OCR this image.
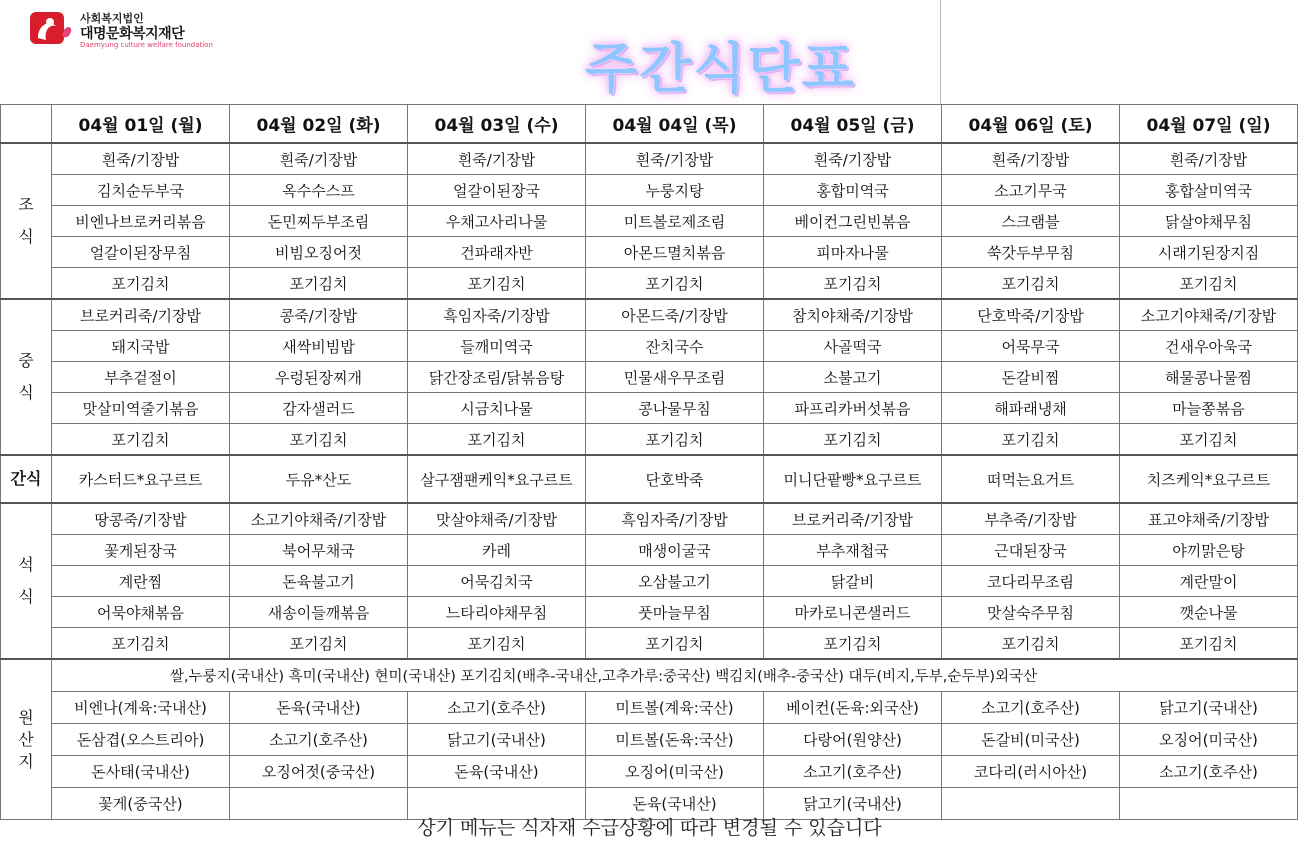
사회복지법인
대명문화복지재단
Daemyung culture welfare foundation	주간식단표
	04월 01일 (월)	04월 02일 (화)	04월 03일 (수)	04월 04일 (목)	04월 05일 (금)	04월 06일 (토)	04월 07일 (일)
조

식	흰죽/기장밥	흰죽/기장밥	흰죽/기장밥	흰죽/기장밥	흰죽/기장밥	흰죽/기장밥	흰죽/기장밥
	김치순두부국	옥수수스프	얼갈이된장국	누룽지탕	홍합미역국	소고기무국	홍합살미역국
	비엔나브로커리볶음	돈민찌두부조림	우채고사리나물	미트볼로제조림	베이컨그린빈볶음	스크램블	닭살야채무침
	얼갈이된장무침	비빔오징어젓	건파래자반	아몬드멸치볶음	피마자나물	쑥갓두부무침	시래기된장지짐
	포기김치	포기김치	포기김치	포기김치	포기김치	포기김치	포기김치
중

식	브로커리죽/기장밥	콩죽/기장밥	흑임자죽/기장밥	아몬드죽/기장밥	참치야채죽/기장밥	단호박죽/기장밥	소고기야채죽/기장밥
	돼지국밥	새싹비빔밥	들깨미역국	잔치국수	사골떡국	어묵무국	건새우아욱국
	부추겉절이	우렁된장찌개	닭간장조림/닭볶음탕	민물새우무조림	소불고기	돈갈비찜	해물콩나물찜
	맛살미역줄기볶음	감자샐러드	시금치나물	콩나물무침	파프리카버섯볶음	해파래냉채	마늘쫑볶음
	포기김치	포기김치	포기김치	포기김치	포기김치	포기김치	포기김치
간식	카스터드*요구르트	두유*산도	살구잼팬케익*요구르트	단호박죽	미니단팥빵*요구르트	떠먹는요거트	치즈케익*요구르트
석

식	땅콩죽/기장밥	소고기야채죽/기장밥	맛살야채죽/기장밥	흑임자죽/기장밥	브로커리죽/기장밥	부추죽/기장밥	표고야채죽/기장밥
	꽃게된장국	북어무채국	카레	매생이굴국	부추재첩국	근대된장국	야끼맑은탕
	계란찜	돈육불고기	어묵김치국	오삼불고기	닭갈비	코다리무조림	계란말이
	어묵야채볶음	새송이들깨볶음	느타리야채무침	풋마늘무침	마카로니콘샐러드	맛살숙주무침	깻순나물
	포기김치	포기김치	포기김치	포기김치	포기김치	포기김치	포기김치
원
산
지	쌀,누룽지(국내산) 흑미(국내산) 현미(국내산) 포기김치(배추-국내산,고추가루:중국산) 백김치(배추-중국산) 대두(비지,두부,순두부)외국산						
	비엔나(계육:국내산)	돈육(국내산)	소고기(호주산)	미트볼(계육:국산)	베이컨(돈육:외국산)	소고기(호주산)	닭고기(국내산)
	돈삼겹(오스트리아)	소고기(호주산)	닭고기(국내산)	미트볼(돈육:국산)	다랑어(원양산)	돈갈비(미국산)	오징어(미국산)
	돈사태(국내산)	오징어젓(중국산)	돈육(국내산)	오징어(미국산)	소고기(호주산)	코다리(러시아산)	소고기(호주산)
	꽃게(중국산)			돈육(국내산)	닭고기(국내산)		
상기 메뉴는 식자재 수급상황에 따라 변경될 수 있습니다
